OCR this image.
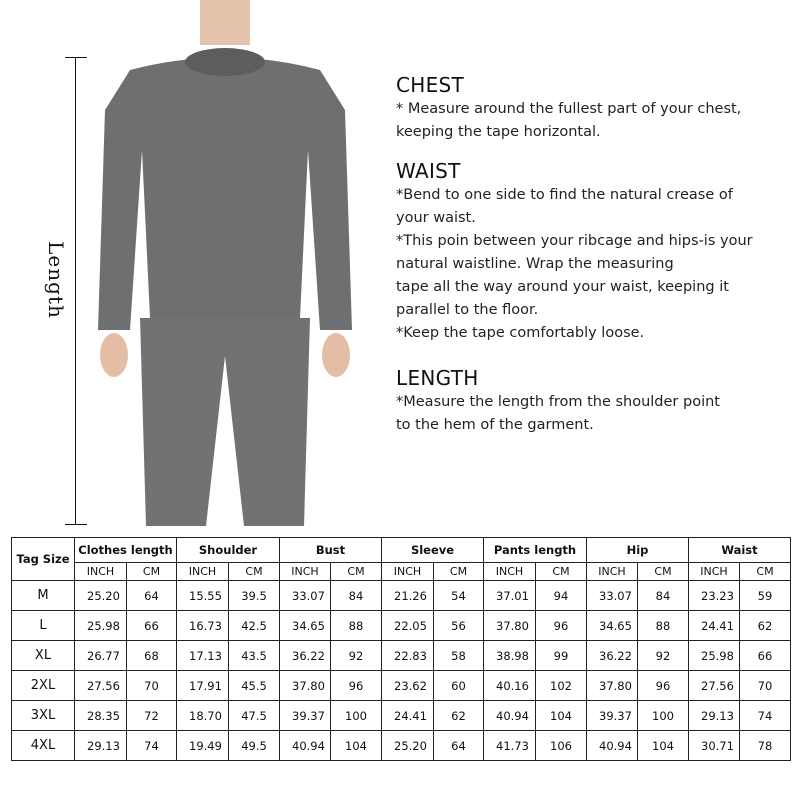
Length
CHEST

* Measure around the fullest part of your chest,

keeping the tape horizontal.

WAIST

*Bend to one side to find the natural crease of

your waist.

*This poin between your ribcage and hips-is your

natural waistline. Wrap the measuring

tape all the way around your waist, keeping it

parallel to the floor.

*Keep the tape comfortably loose.

LENGTH

*Measure the length from the shoulder point

to the hem of the garment.

Tag Size	Clothes length		Shoulder		Bust		Sleeve		Pants length		Hip		Waist	
	INCH	CM	INCH	CM	INCH	CM	INCH	CM	INCH	CM	INCH	CM	INCH	CM
M	25.20	64	15.55	39.5	33.07	84	21.26	54	37.01	94	33.07	84	23.23	59
L	25.98	66	16.73	42.5	34.65	88	22.05	56	37.80	96	34.65	88	24.41	62
XL	26.77	68	17.13	43.5	36.22	92	22.83	58	38.98	99	36.22	92	25.98	66
2XL	27.56	70	17.91	45.5	37.80	96	23.62	60	40.16	102	37.80	96	27.56	70
3XL	28.35	72	18.70	47.5	39.37	100	24.41	62	40.94	104	39.37	100	29.13	74
4XL	29.13	74	19.49	49.5	40.94	104	25.20	64	41.73	106	40.94	104	30.71	78
